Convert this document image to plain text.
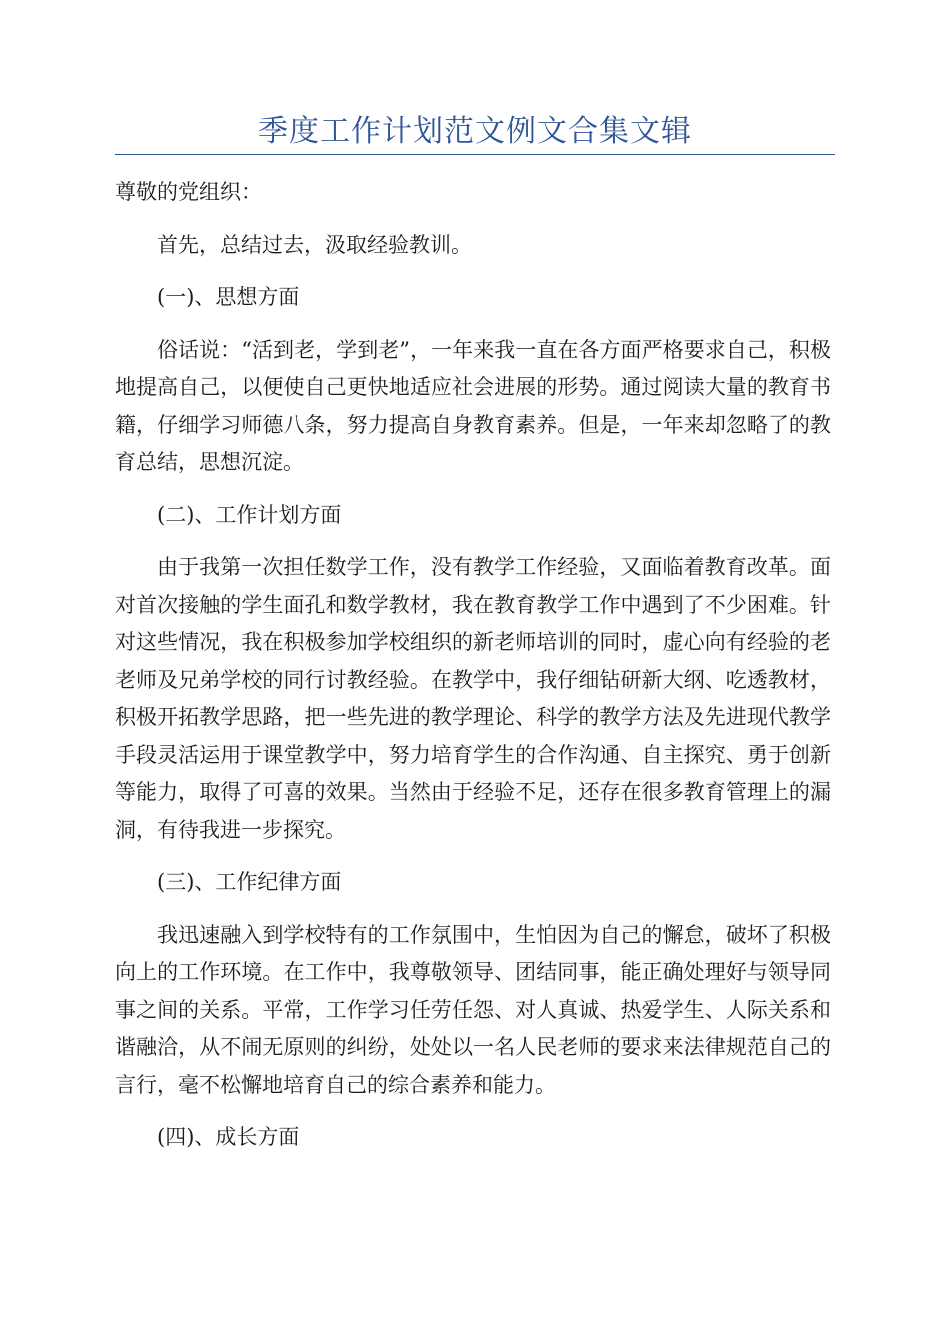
季度工作计划范文例文合集文辑

尊敬的党组织：

首先，总结过去，汲取经验教训。

(一)、思想方面

俗话说：“活到老，学到老”，一年来我一直在各方面严格要求自己，积极地提高自己，以便使自己更快地适应社会进展的形势。通过阅读大量的教育书籍，仔细学习师德八条，努力提高自身教育素养。但是，一年来却忽略了的教育总结，思想沉淀。

(二)、工作计划方面

由于我第一次担任数学工作，没有教学工作经验，又面临着教育改革。面对首次接触的学生面孔和数学教材，我在教育教学工作中遇到了不少困难。针对这些情况，我在积极参加学校组织的新老师培训的同时，虚心向有经验的老老师及兄弟学校的同行讨教经验。在教学中，我仔细钻研新大纲、吃透教材，积极开拓教学思路，把一些先进的教学理论、科学的教学方法及先进现代教学手段灵活运用于课堂教学中，努力培育学生的合作沟通、自主探究、勇于创新等能力，取得了可喜的效果。当然由于经验不足，还存在很多教育管理上的漏洞，有待我进一步探究。

(三)、工作纪律方面

我迅速融入到学校特有的工作氛围中，生怕因为自己的懈怠，破坏了积极向上的工作环境。在工作中，我尊敬领导、团结同事，能正确处理好与领导同事之间的关系。平常，工作学习任劳任怨、对人真诚、热爱学生、人际关系和谐融洽，从不闹无原则的纠纷，处处以一名人民老师的要求来法律规范自己的言行，毫不松懈地培育自己的综合素养和能力。

(四)、成长方面
